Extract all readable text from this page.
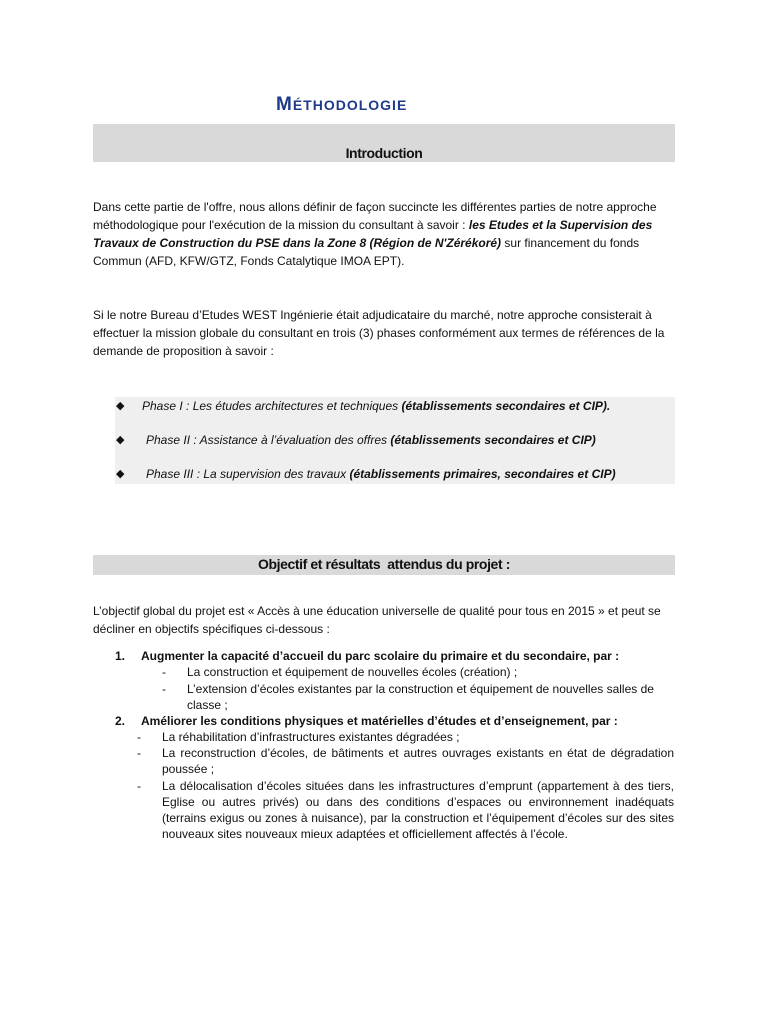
MÉTHODOLOGIE
Introduction
Dans cette partie de l'offre, nous allons définir de façon succincte les différentes parties de notre approche méthodologique pour l'exécution de la mission du consultant à savoir : les Etudes et la Supervision des Travaux de Construction du PSE dans la Zone 8 (Région de N'Zérékoré) sur financement du fonds Commun (AFD, KFW/GTZ, Fonds Catalytique IMOA EPT).
Si le notre Bureau d’Etudes WEST Ingénierie était adjudicataire du marché, notre approche consisterait à effectuer la mission globale du consultant en trois (3) phases conformément aux termes de références de la demande de proposition à savoir :
◆ Phase I : Les études architectures et techniques (établissements secondaires et CIP).
◆ Phase II : Assistance à l’évaluation des offres (établissements secondaires et CIP)
◆ Phase III : La supervision des travaux (établissements primaires, secondaires et CIP)
Objectif et résultats  attendus du projet :
L’objectif global du projet est « Accès à une éducation universelle de qualité pour tous en 2015 » et peut se décliner en objectifs spécifiques ci-dessous :
1. Augmenter la capacité d’accueil du parc scolaire du primaire et du secondaire, par :
- La construction et équipement de nouvelles écoles (création) ;
- L’extension d’écoles existantes par la construction et équipement de nouvelles salles de classe ;
2. Améliorer les conditions physiques et matérielles d’études et d’enseignement, par :
- La réhabilitation d’infrastructures existantes dégradées ;
- La reconstruction d’écoles, de bâtiments et autres ouvrages existants en état de dégradation poussée ;
- La délocalisation d’écoles situées dans les infrastructures d’emprunt (appartement à des tiers, Eglise ou autres privés) ou dans des conditions d’espaces ou environnement inadéquats (terrains exigus ou zones à nuisance), par la construction et l’équipement d’écoles sur des sites nouveaux sites nouveaux mieux adaptées et officiellement affectés à l’école.
